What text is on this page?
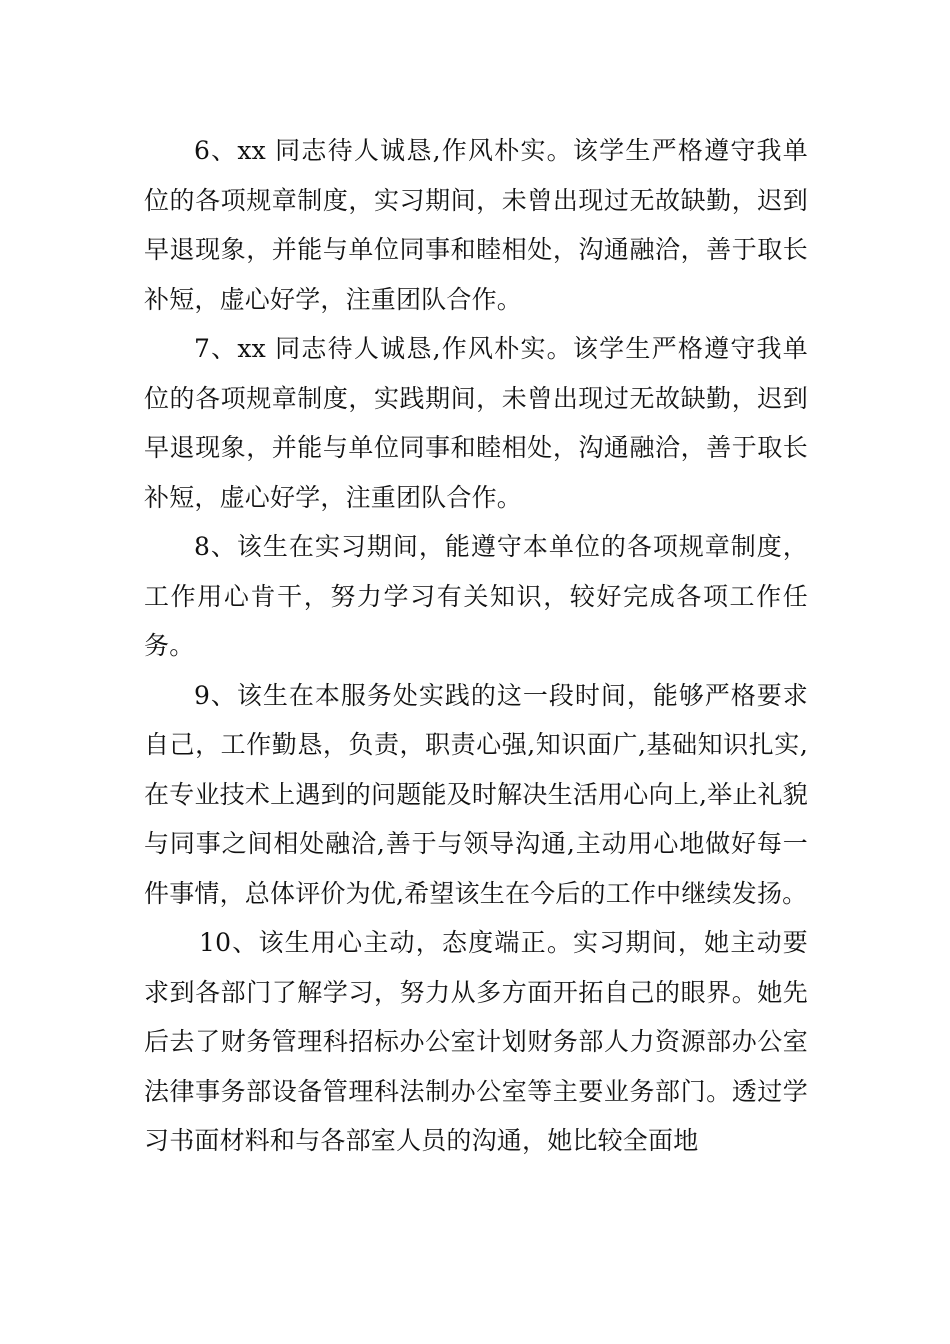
6、xx 同志待人诚恳,作风朴实。该学生严格遵守我单位的各项规章制度，实习期间，未曾出现过无故缺勤，迟到早退现象，并能与单位同事和睦相处，沟通融洽，善于取长补短，虚心好学，注重团队合作。

7、xx 同志待人诚恳,作风朴实。该学生严格遵守我单位的各项规章制度，实践期间，未曾出现过无故缺勤，迟到早退现象，并能与单位同事和睦相处，沟通融洽，善于取长补短，虚心好学，注重团队合作。

8、该生在实习期间，能遵守本单位的各项规章制度，工作用心肯干，努力学习有关知识，较好完成各项工作任务。

9、该生在本服务处实践的这一段时间，能够严格要求自己，工作勤恳，负责，职责心强,知识面广,基础知识扎实,在专业技术上遇到的问题能及时解决生活用心向上,举止礼貌与同事之间相处融洽,善于与领导沟通,主动用心地做好每一件事情，总体评价为优,希望该生在今后的工作中继续发扬。

10、该生用心主动，态度端正。实习期间，她主动要求到各部门了解学习，努力从多方面开拓自己的眼界。她先后去了财务管理科招标办公室计划财务部人力资源部办公室法律事务部设备管理科法制办公室等主要业务部门。透过学习书面材料和与各部室人员的沟通，她比较全面地
